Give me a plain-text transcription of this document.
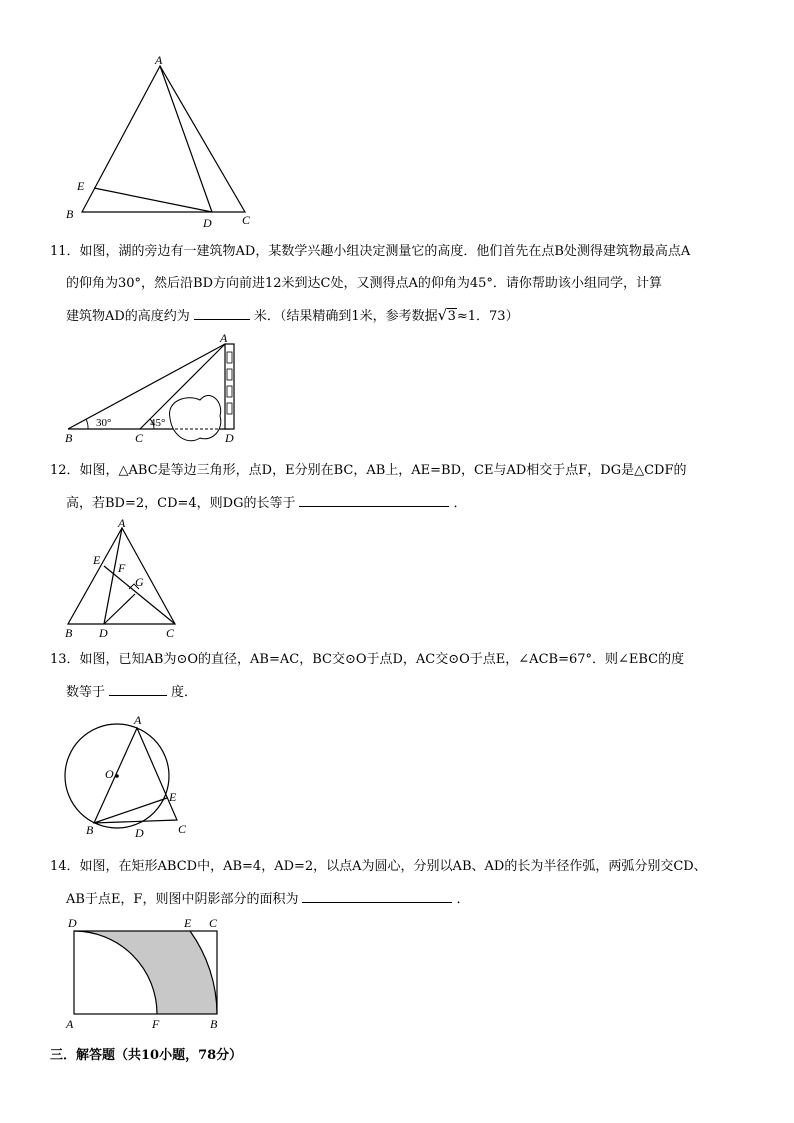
A
E
B
D	C
11．如图，湖的旁边有一建筑物AD，某数学兴趣小组决定测量它的高度．他们首先在点B处测得建筑物最高点A
的仰角为30°，然后沿BD方向前进12米到达C处，又测得点A的仰角为45°．请你帮助该小组同学，计算
建筑物AD的高度约为	米．（结果精确到1米，参考数据 √ 3≈1．73）
30°	45°
A
B	C	D
12．如图，△ABC是等边三角形，点D，E分别在BC，AB上，AE=BD，CE与AD相交于点F，DG是△CDF的
高，若BD=2，CD=4，则DG的长等于	．
A
E
F
G
B D	C
13．如图，已知AB为⊙O的直径，AB=AC，BC交⊙O于点D，AC交⊙O于点E，∠ACB=67°．则∠EBC的度
数等于	度．
A
O
E
B	D	C
14．如图，在矩形ABCD中，AB=4，AD=2，以点A为圆心，分别以AB、AD的长为半径作弧，两弧分别交CD、
AB于点E，F，则图中阴影部分的面积为	．
D	E C
A	F	B
三．解答题（共10小题，78分）
